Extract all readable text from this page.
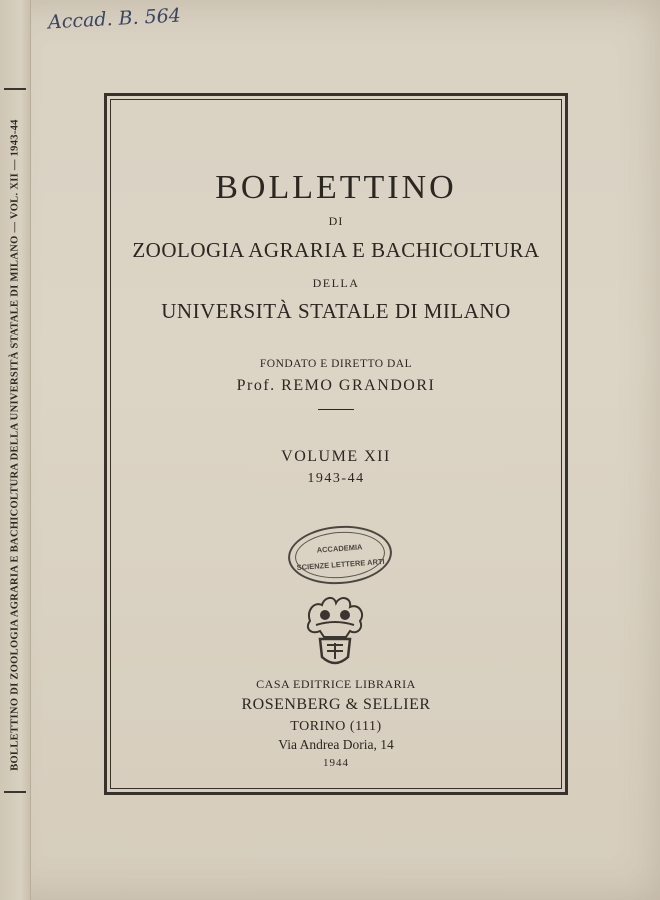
BOLLETTINO DI ZOOLOGIA AGRARIA E BACHICOLTURA DELLA UNIVERSITÀ STATALE DI MILANO — VOL. XII — 1943-44
Accad. B. 564
BOLLETTINO
DI
ZOOLOGIA AGRARIA E BACHICOLTURA
DELLA
UNIVERSITÀ STATALE DI MILANO
FONDATO E DIRETTO DAL
Prof. REMO GRANDORI
VOLUME XII
1943-44
ACCADEMIA
SCIENZE LETTERE ARTI
CASA EDITRICE LIBRARIA
ROSENBERG & SELLIER
TORINO (111)
Via Andrea Doria, 14
1944
